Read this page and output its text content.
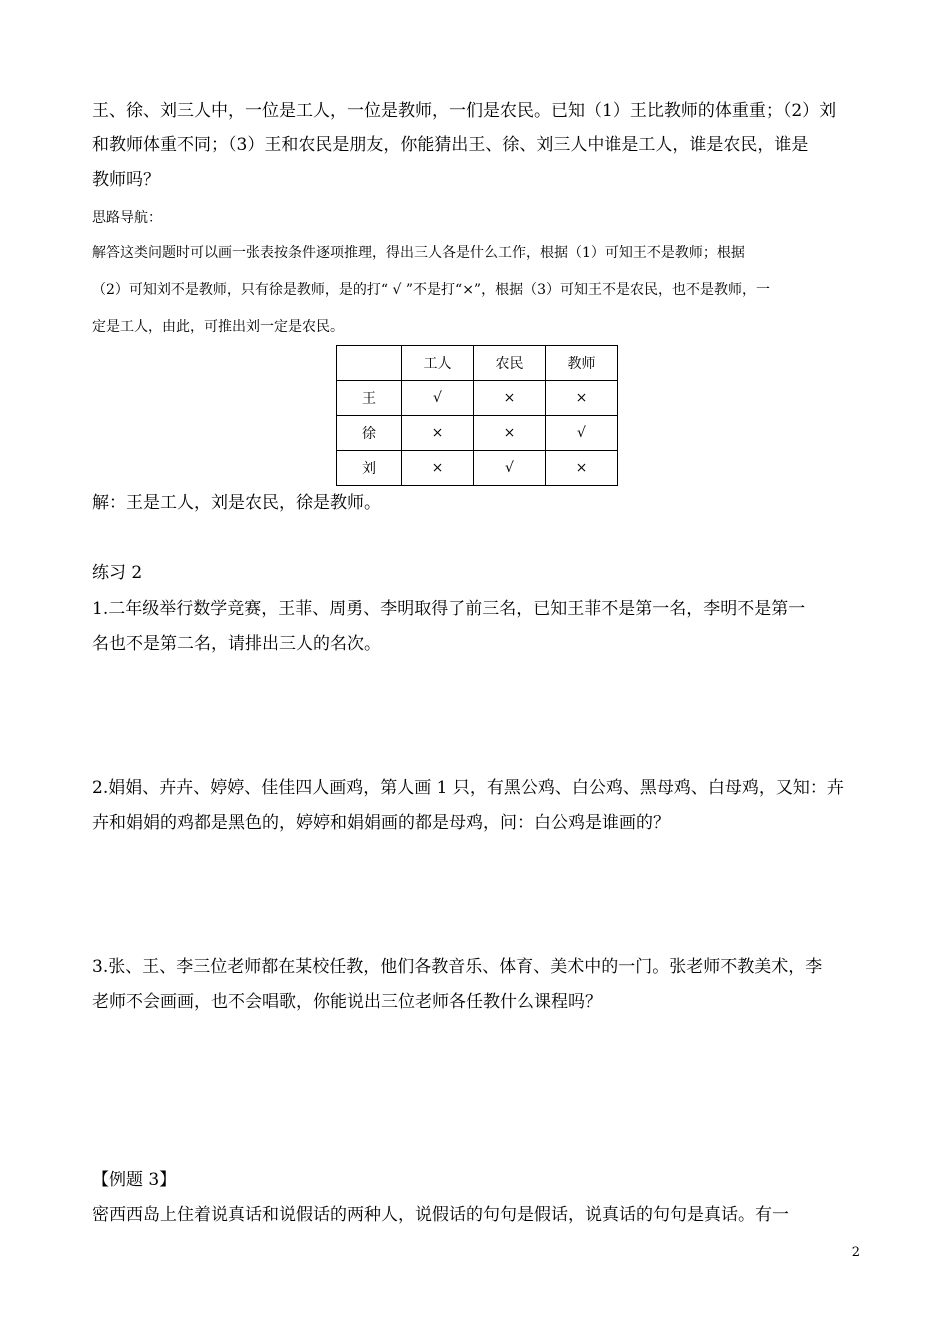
王、徐、刘三人中，一位是工人，一位是教师，一们是农民。已知（1）王比教师的体重重；（2）刘

和教师体重不同；（3）王和农民是朋友，你能猜出王、徐、刘三人中谁是工人，谁是农民，谁是

教师吗？

思路导航：

解答这类问题时可以画一张表按条件逐项推理，得出三人各是什么工作，根据（1）可知王不是教师；根据

（2）可知刘不是教师，只有徐是教师，是的打“ √ ”不是打“×”，根据（3）可知王不是农民，也不是教师，一

定是工人，由此，可推出刘一定是农民。

	工人	农民	教师
王	√	×	×
徐	×	×	√
刘	×	√	×

解：王是工人，刘是农民，徐是教师。

练习 2

1.二年级举行数学竞赛，王菲、周勇、李明取得了前三名，已知王菲不是第一名，李明不是第一

名也不是第二名，请排出三人的名次。

2.娟娟、卉卉、婷婷、佳佳四人画鸡，第人画 1 只，有黑公鸡、白公鸡、黑母鸡、白母鸡，又知：卉

卉和娟娟的鸡都是黑色的，婷婷和娟娟画的都是母鸡，问：白公鸡是谁画的？

3.张、王、李三位老师都在某校任教，他们各教音乐、体育、美术中的一门。张老师不教美术，李

老师不会画画，也不会唱歌，你能说出三位老师各任教什么课程吗？

【例题 3】

密西西岛上住着说真话和说假话的两种人，说假话的句句是假话，说真话的句句是真话。有一

2
